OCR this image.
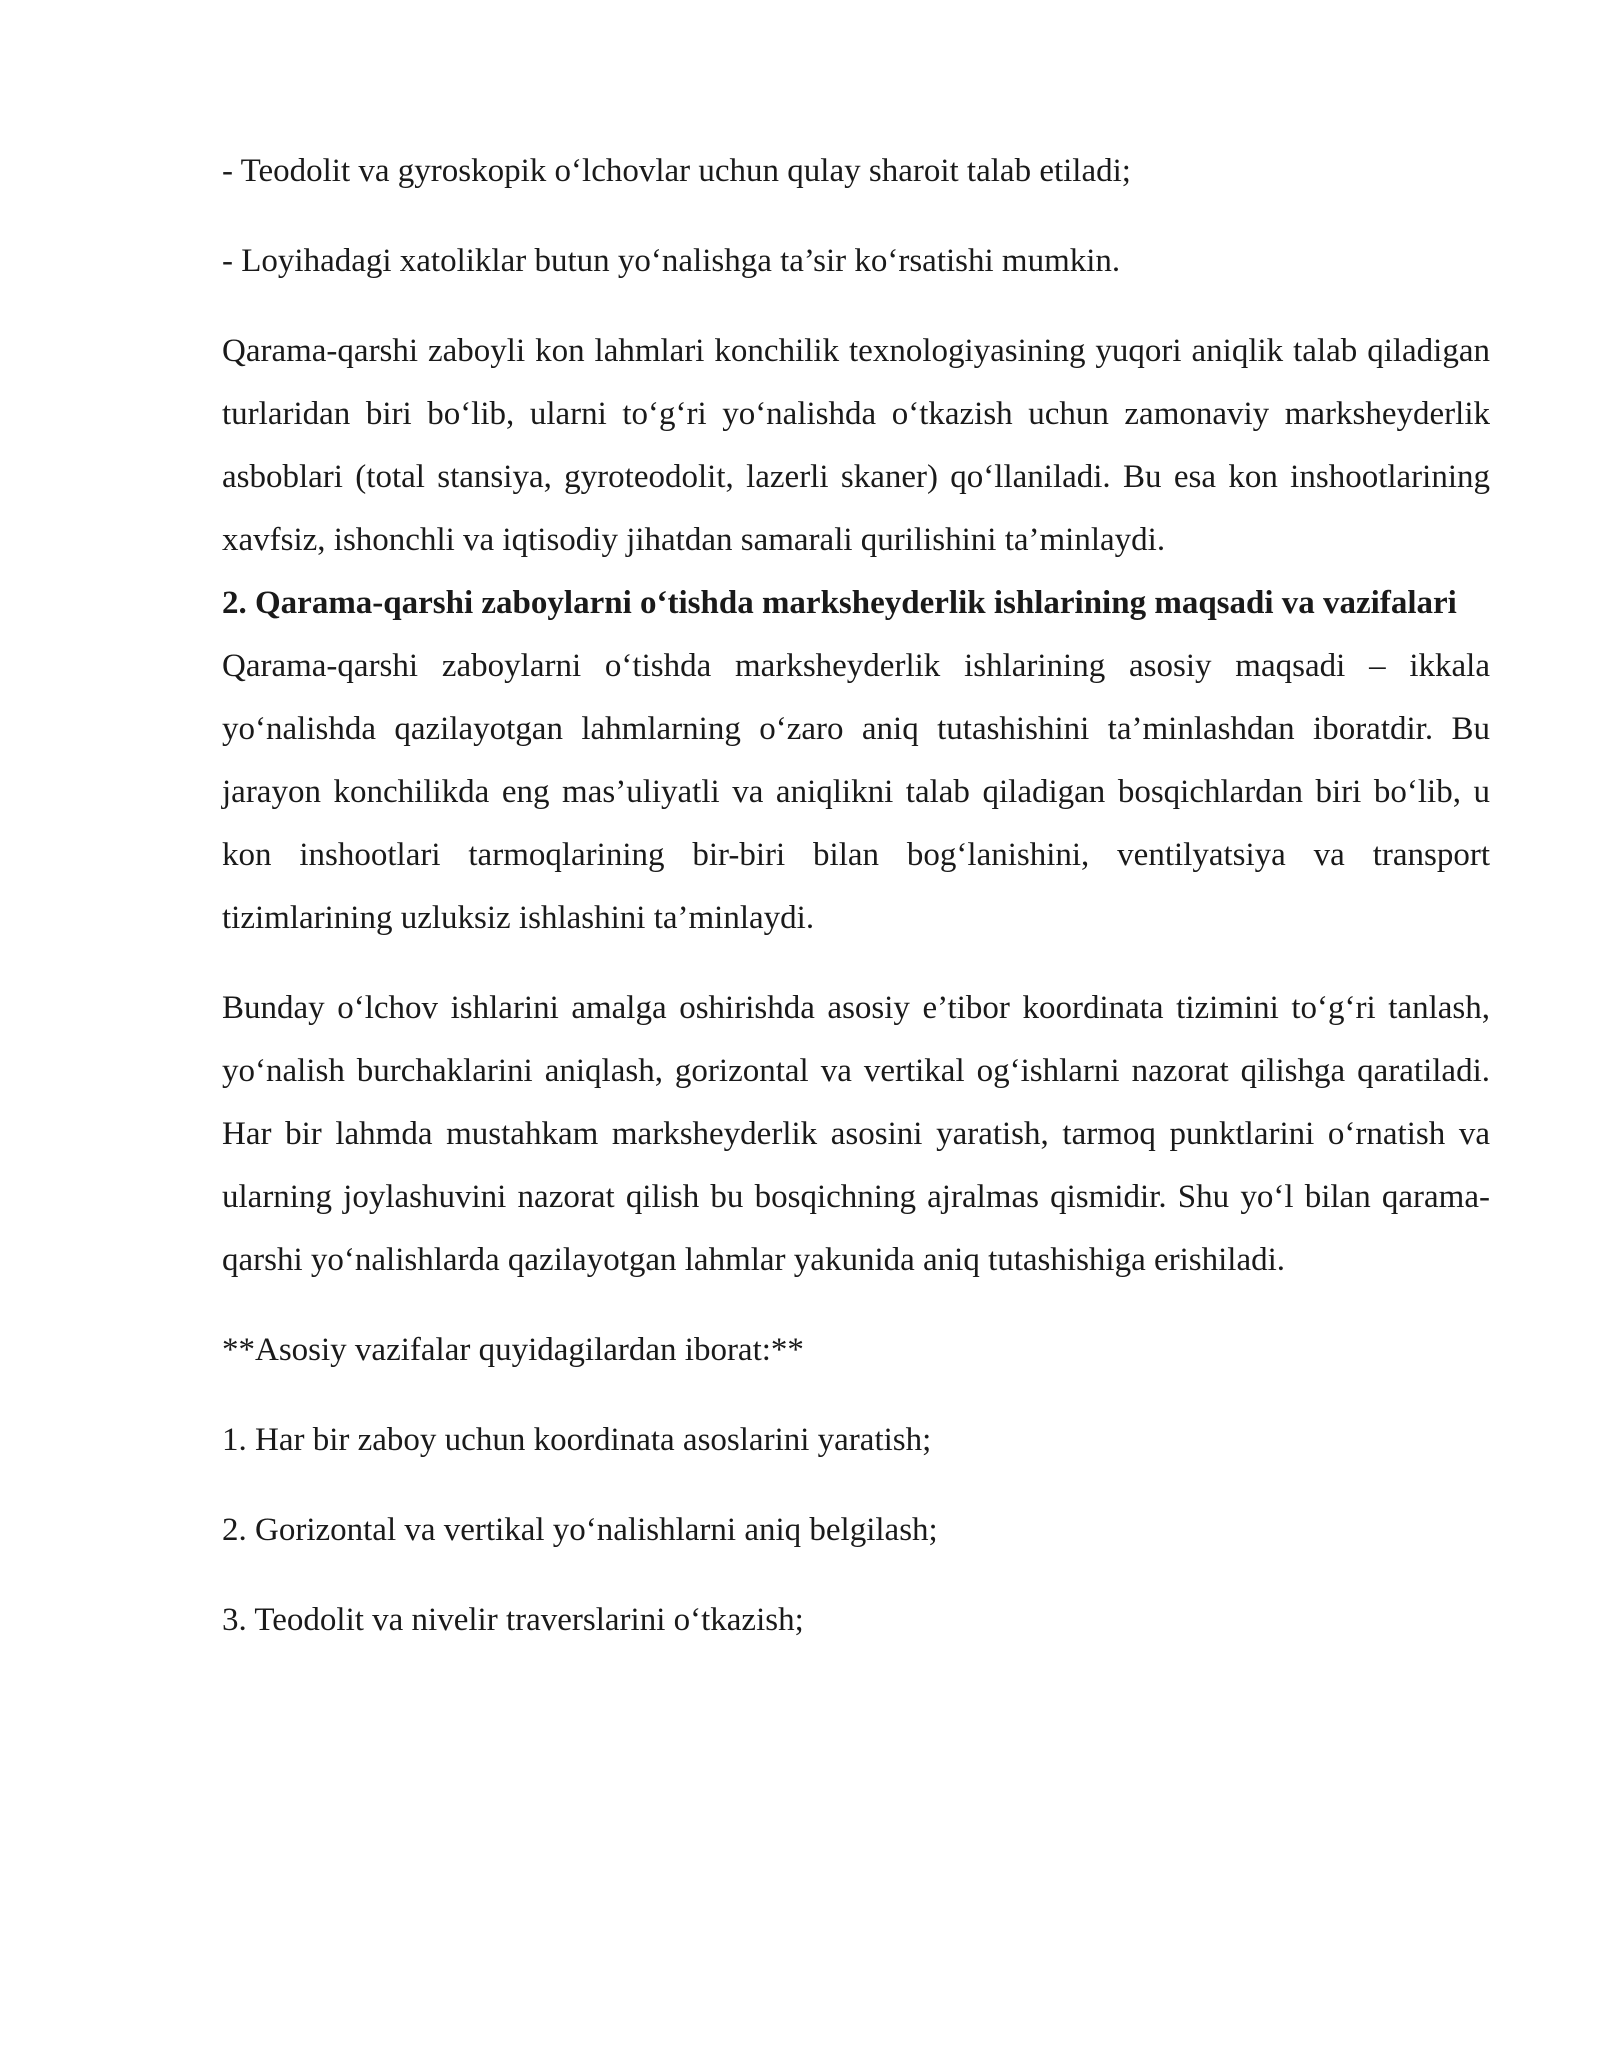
- Teodolit va gyroskopik o‘lchovlar uchun qulay sharoit talab etiladi;

- Loyihadagi xatoliklar butun yo‘nalishga ta’sir ko‘rsatishi mumkin.

Qarama-qarshi zaboyli kon lahmlari konchilik texnologiyasining yuqori aniqlik talab qiladigan turlaridan biri bo‘lib, ularni to‘g‘ri yo‘nalishda o‘tkazish uchun zamonaviy marksheyderlik asboblari (total stansiya, gyroteodolit, lazerli skaner) qo‘llaniladi. Bu esa kon inshootlarining xavfsiz, ishonchli va iqtisodiy jihatdan samarali qurilishini ta’minlaydi.

2. Qarama-qarshi zaboylarni o‘tishda marksheyderlik ishlarining maqsadi va vazifalari

Qarama-qarshi zaboylarni o‘tishda marksheyderlik ishlarining asosiy maqsadi – ikkala yo‘nalishda qazilayotgan lahmlarning o‘zaro aniq tutashishini ta’minlashdan iboratdir. Bu jarayon konchilikda eng mas’uliyatli va aniqlikni talab qiladigan bosqichlardan biri bo‘lib, u kon inshootlari tarmoqlarining bir-biri bilan bog‘lanishini, ventilyatsiya va transport tizimlarining uzluksiz ishlashini ta’minlaydi.

Bunday o‘lchov ishlarini amalga oshirishda asosiy e’tibor koordinata tizimini to‘g‘ri tanlash, yo‘nalish burchaklarini aniqlash, gorizontal va vertikal og‘ishlarni nazorat qilishga qaratiladi. Har bir lahmda mustahkam marksheyderlik asosini yaratish, tarmoq punktlarini o‘rnatish va ularning joylashuvini nazorat qilish bu bosqichning ajralmas qismidir. Shu yo‘l bilan qarama-qarshi yo‘nalishlarda qazilayotgan lahmlar yakunida aniq tutashishiga erishiladi.

**Asosiy vazifalar quyidagilardan iborat:**

1. Har bir zaboy uchun koordinata asoslarini yaratish;

2. Gorizontal va vertikal yo‘nalishlarni aniq belgilash;

3. Teodolit va nivelir traverslarini o‘tkazish;
